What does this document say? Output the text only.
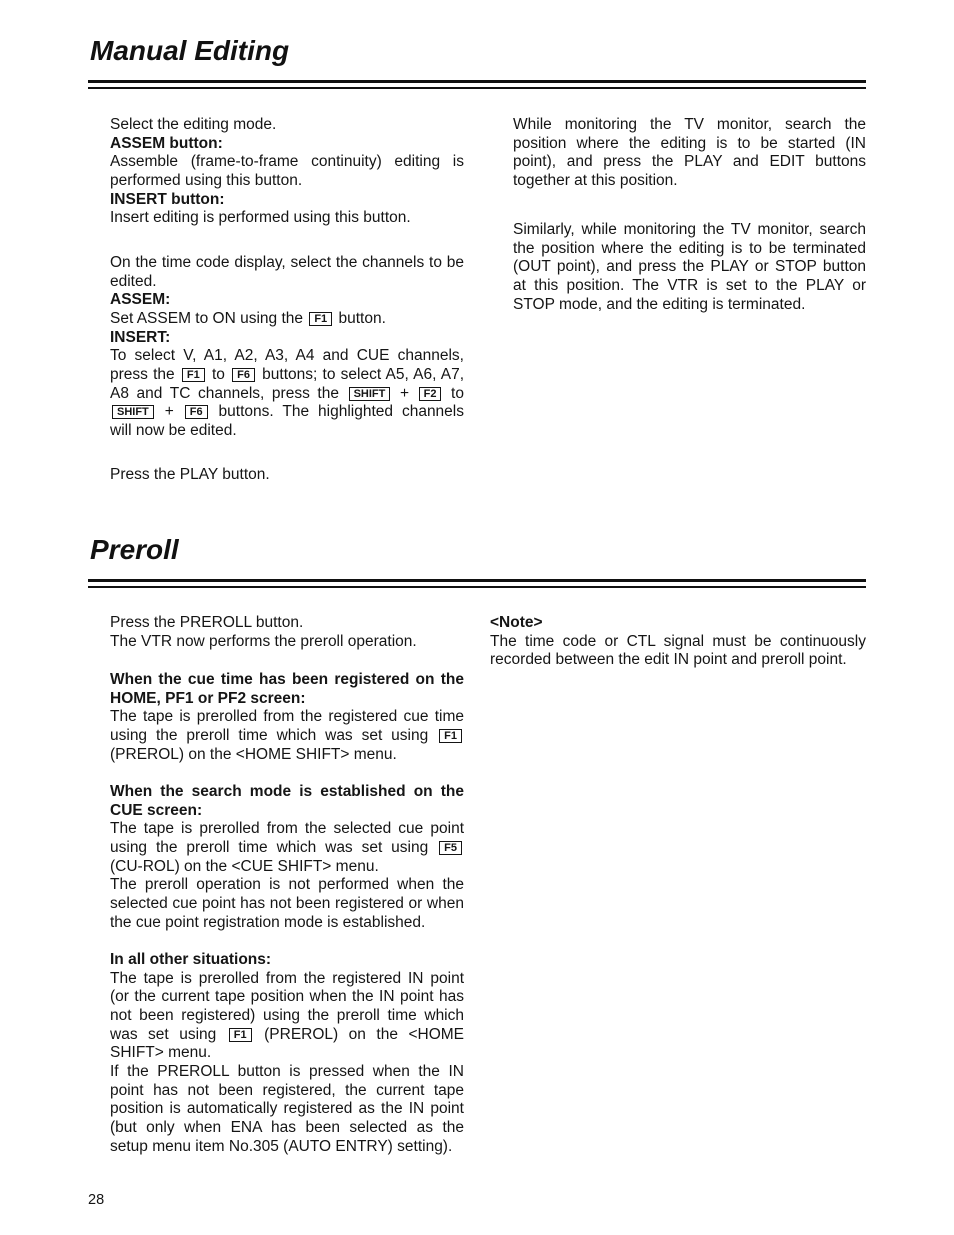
Manual Editing
Select the editing mode.
ASSEM button:
Assemble (frame-to-frame continuity) editing is
performed using this button.
INSERT button:
Insert editing is performed using this button.
On the time code display, select the channels to be
edited.
ASSEM:
Set ASSEM to ON using the F1 button.
INSERT:
To select V, A1, A2, A3, A4 and CUE channels,
press the F1 to F6 buttons; to select A5, A6, A7,
A8 and TC channels, press the SHIFT + F2 to
SHIFT + F6 buttons. The highlighted channels
will now be edited.
Press the PLAY button.
While monitoring the TV monitor, search the
position where the editing is to be started (IN
point), and press the PLAY and EDIT buttons
together at this position.
Similarly, while monitoring the TV monitor, search
the position where the editing is to be terminated
(OUT point), and press the PLAY or STOP button
at this position. The VTR is set to the PLAY or
STOP mode, and the editing is terminated.
Preroll
Press the PREROLL button.
The VTR now performs the preroll operation.
When the cue time has been registered on the
HOME, PF1 or PF2 screen:
The tape is prerolled from the registered cue time
using the preroll time which was set using F1
(PREROL) on the <HOME SHIFT> menu.
When the search mode is established on the
CUE screen:
The tape is prerolled from the selected cue point
using the preroll time which was set using F5
(CU-ROL) on the <CUE SHIFT> menu.
The preroll operation is not performed when the
selected cue point has not been registered or when
the cue point registration mode is established.
In all other situations:
The tape is prerolled from the registered IN point
(or the current tape position when the IN point has
not been registered) using the preroll time which
was set using F1 (PREROL) on the <HOME
SHIFT> menu.
If the PREROLL button is pressed when the IN
point has not been registered, the current tape
position is automatically registered as the IN point
(but only when ENA has been selected as the
setup menu item No.305 (AUTO ENTRY) setting).
<Note>
The time code or CTL signal must be continuously
recorded between the edit IN point and preroll point.
28
